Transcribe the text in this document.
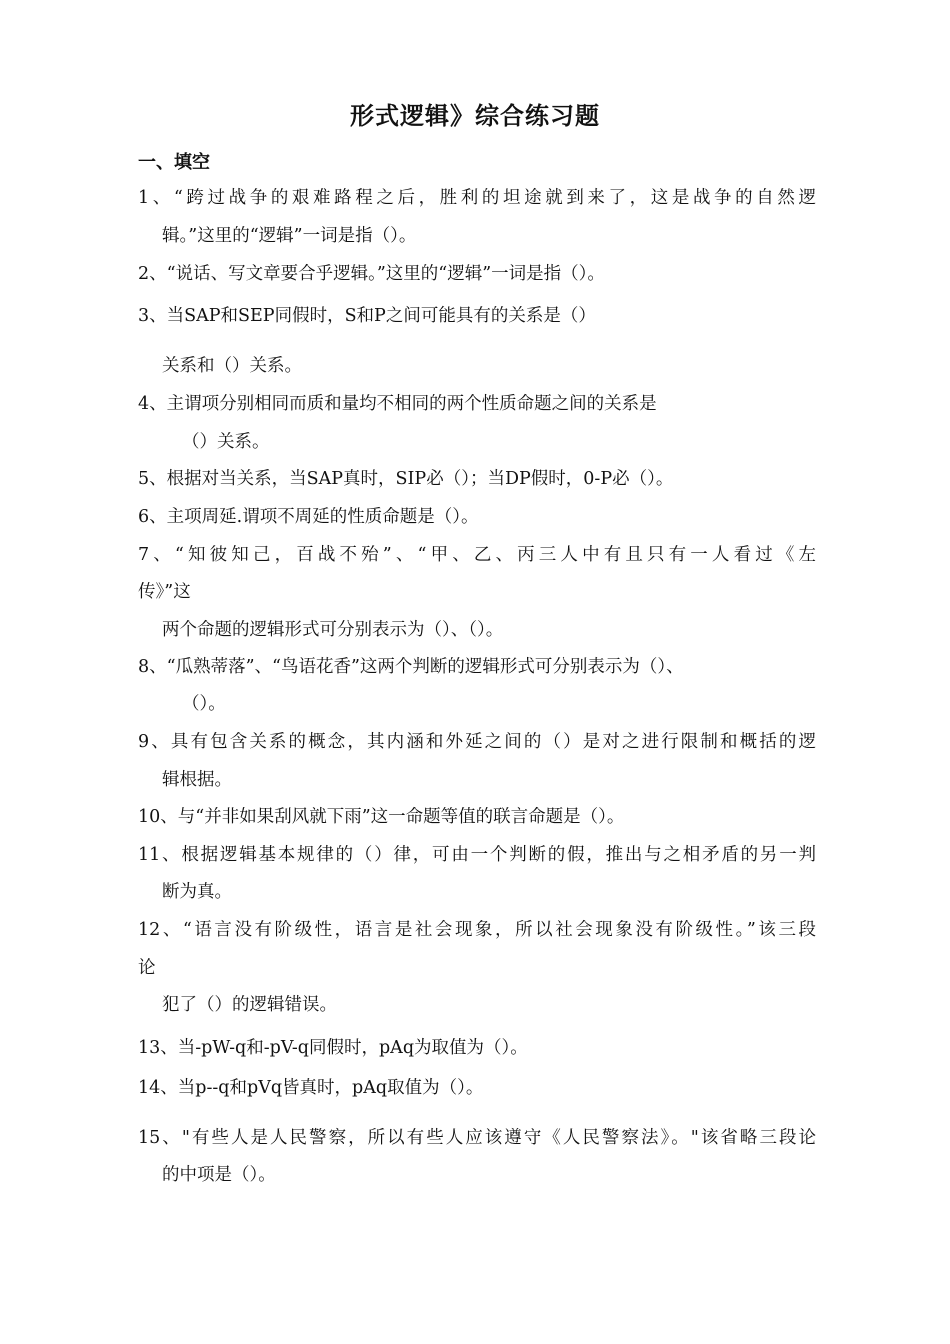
形式逻辑》综合练习题
一、填空
1、“跨过战争的艰难路程之后，胜利的坦途就到来了，这是战争的自然逻
辑。”这里的“逻辑”一词是指（）。
2、“说话、写文章要合乎逻辑。”这里的“逻辑”一词是指（）。
3、当SAP和SEP同假时，S和P之间可能具有的关系是（）
关系和（）关系。
4、主谓项分别相同而质和量均不相同的两个性质命题之间的关系是
（）关系。
5、根据对当关系，当SAP真时，SIP必（）；当DP假时，0-P必（）。
6、主项周延.谓项不周延的性质命题是（）。
7、“知彼知己，百战不殆”、“甲、乙、丙三人中有且只有一人看过《左
传》”这
两个命题的逻辑形式可分别表示为（）、（）。
8、“瓜熟蒂落”、“鸟语花香”这两个判断的逻辑形式可分别表示为（）、
（）。
9、具有包含关系的概念，其内涵和外延之间的（）是对之进行限制和概括的逻
辑根据。
10、与“并非如果刮风就下雨”这一命题等值的联言命题是（）。
11、根据逻辑基本规律的（）律，可由一个判断的假，推出与之相矛盾的另一判
断为真。
12、“语言没有阶级性，语言是社会现象，所以社会现象没有阶级性。”该三段
论
犯了（）的逻辑错误。
13、当-pW-q和-pV-q同假时，pAq为取值为（）。
14、当p--q和pVq皆真时，pAq取值为（）。
15、"有些人是人民警察，所以有些人应该遵守《人民警察法》。"该省略三段论
的中项是（）。
